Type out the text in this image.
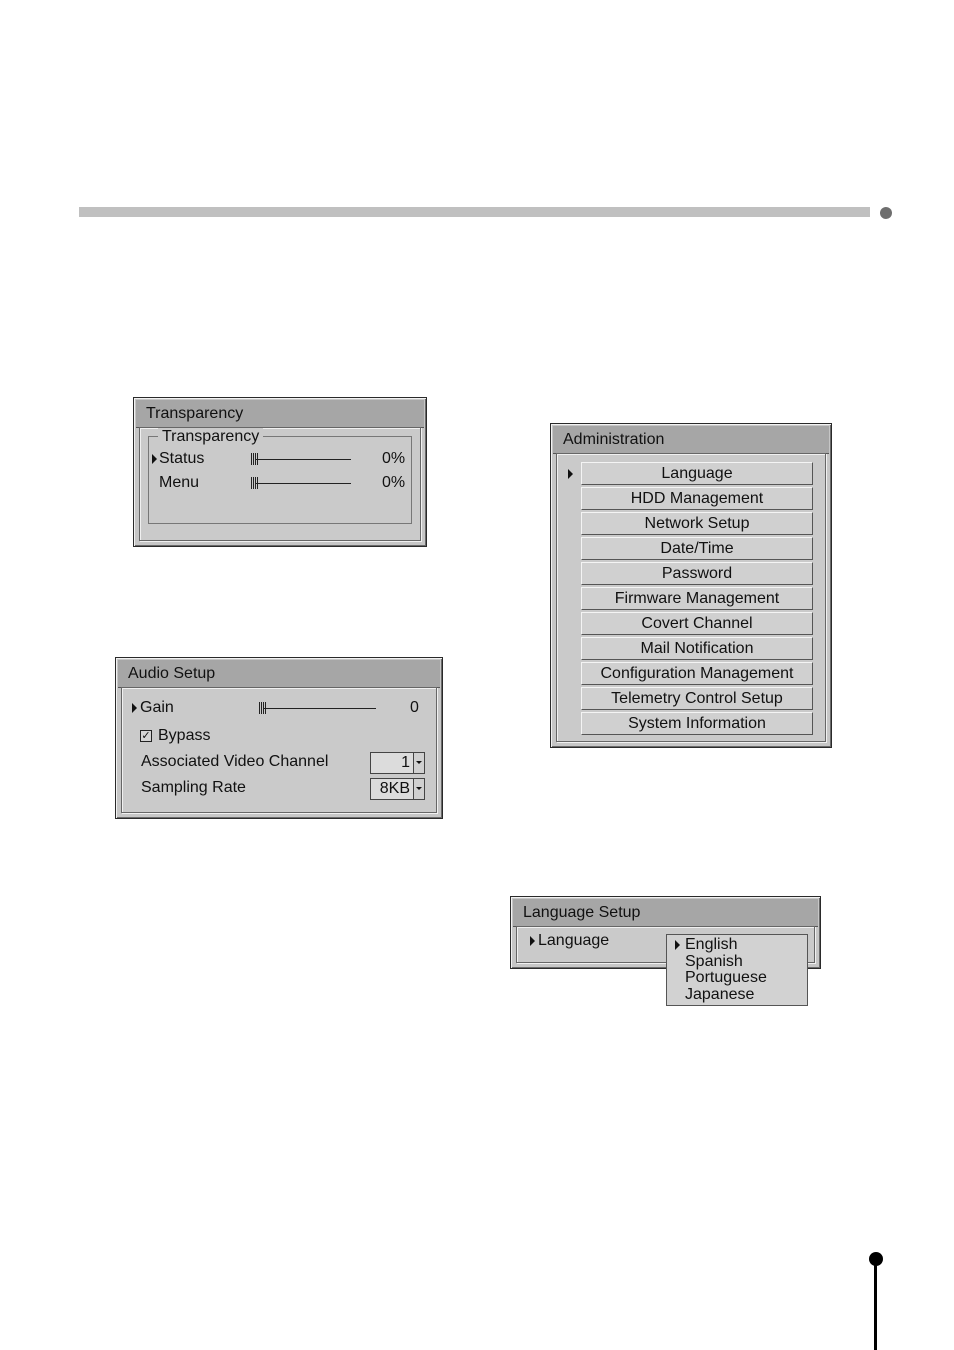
Transparency
Transparency
Status	0%
Menu	0%
Audio Setup
Gain	0
✓ Bypass
Associated Video Channel	1
Sampling Rate	8KB
Administration
Language
HDD Management
Network Setup
Date/Time
Password
Firmware Management
Covert Channel
Mail Notification
Configuration Management
Telemetry Control Setup
System Information
Language Setup
Language	English
Spanish
Portuguese
Japanese
